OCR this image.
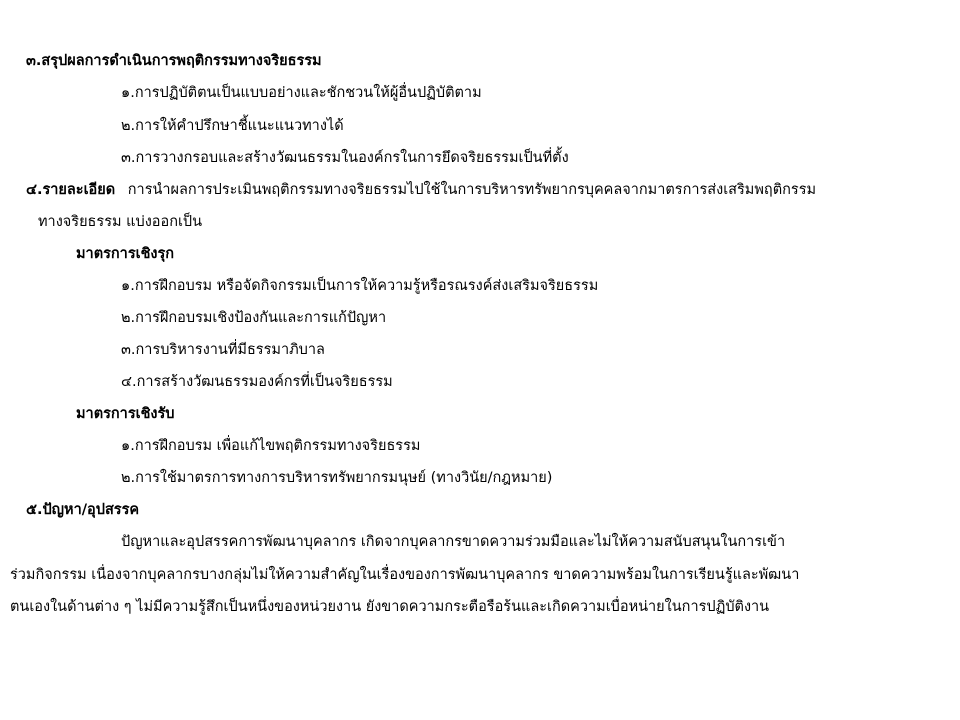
๓.สรุปผลการดำเนินการพฤติกรรมทางจริยธรรม
๑.การปฏิบัติตนเป็นแบบอย่างและชักชวนให้ผู้อื่นปฏิบัติตาม
๒.การให้คำปรึกษาชี้แนะแนวทางได้
๓.การวางกรอบและสร้างวัฒนธรรมในองค์กรในการยึดจริยธรรมเป็นที่ตั้ง
๔.รายละเอียด การนำผลการประเมินพฤติกรรมทางจริยธรรมไปใช้ในการบริหารทรัพยากรบุคคลจากมาตรการส่งเสริมพฤติกรรม
ทางจริยธรรม แบ่งออกเป็น
มาตรการเชิงรุก
๑.การฝึกอบรม หรือจัดกิจกรรมเป็นการให้ความรู้หรือรณรงค์ส่งเสริมจริยธรรม
๒.การฝึกอบรมเชิงป้องกันและการแก้ปัญหา
๓.การบริหารงานที่มีธรรมาภิบาล
๔.การสร้างวัฒนธรรมองค์กรที่เป็นจริยธรรม
มาตรการเชิงรับ
๑.การฝึกอบรม เพื่อแก้ไขพฤติกรรมทางจริยธรรม
๒.การใช้มาตรการทางการบริหารทรัพยากรมนุษย์ (ทางวินัย/กฎหมาย)
๕.ปัญหา/อุปสรรค
ปัญหาและอุปสรรคการพัฒนาบุคลากร เกิดจากบุคลากรขาดความร่วมมือและไม่ให้ความสนับสนุนในการเข้า
ร่วมกิจกรรม เนื่องจากบุคลากรบางกลุ่มไม่ให้ความสำคัญในเรื่องของการพัฒนาบุคลากร ขาดความพร้อมในการเรียนรู้และพัฒนา
ตนเองในด้านต่าง ๆ ไม่มีความรู้สึกเป็นหนึ่งของหน่วยงาน ยังขาดความกระตือรือร้นและเกิดความเบื่อหน่ายในการปฏิบัติงาน
